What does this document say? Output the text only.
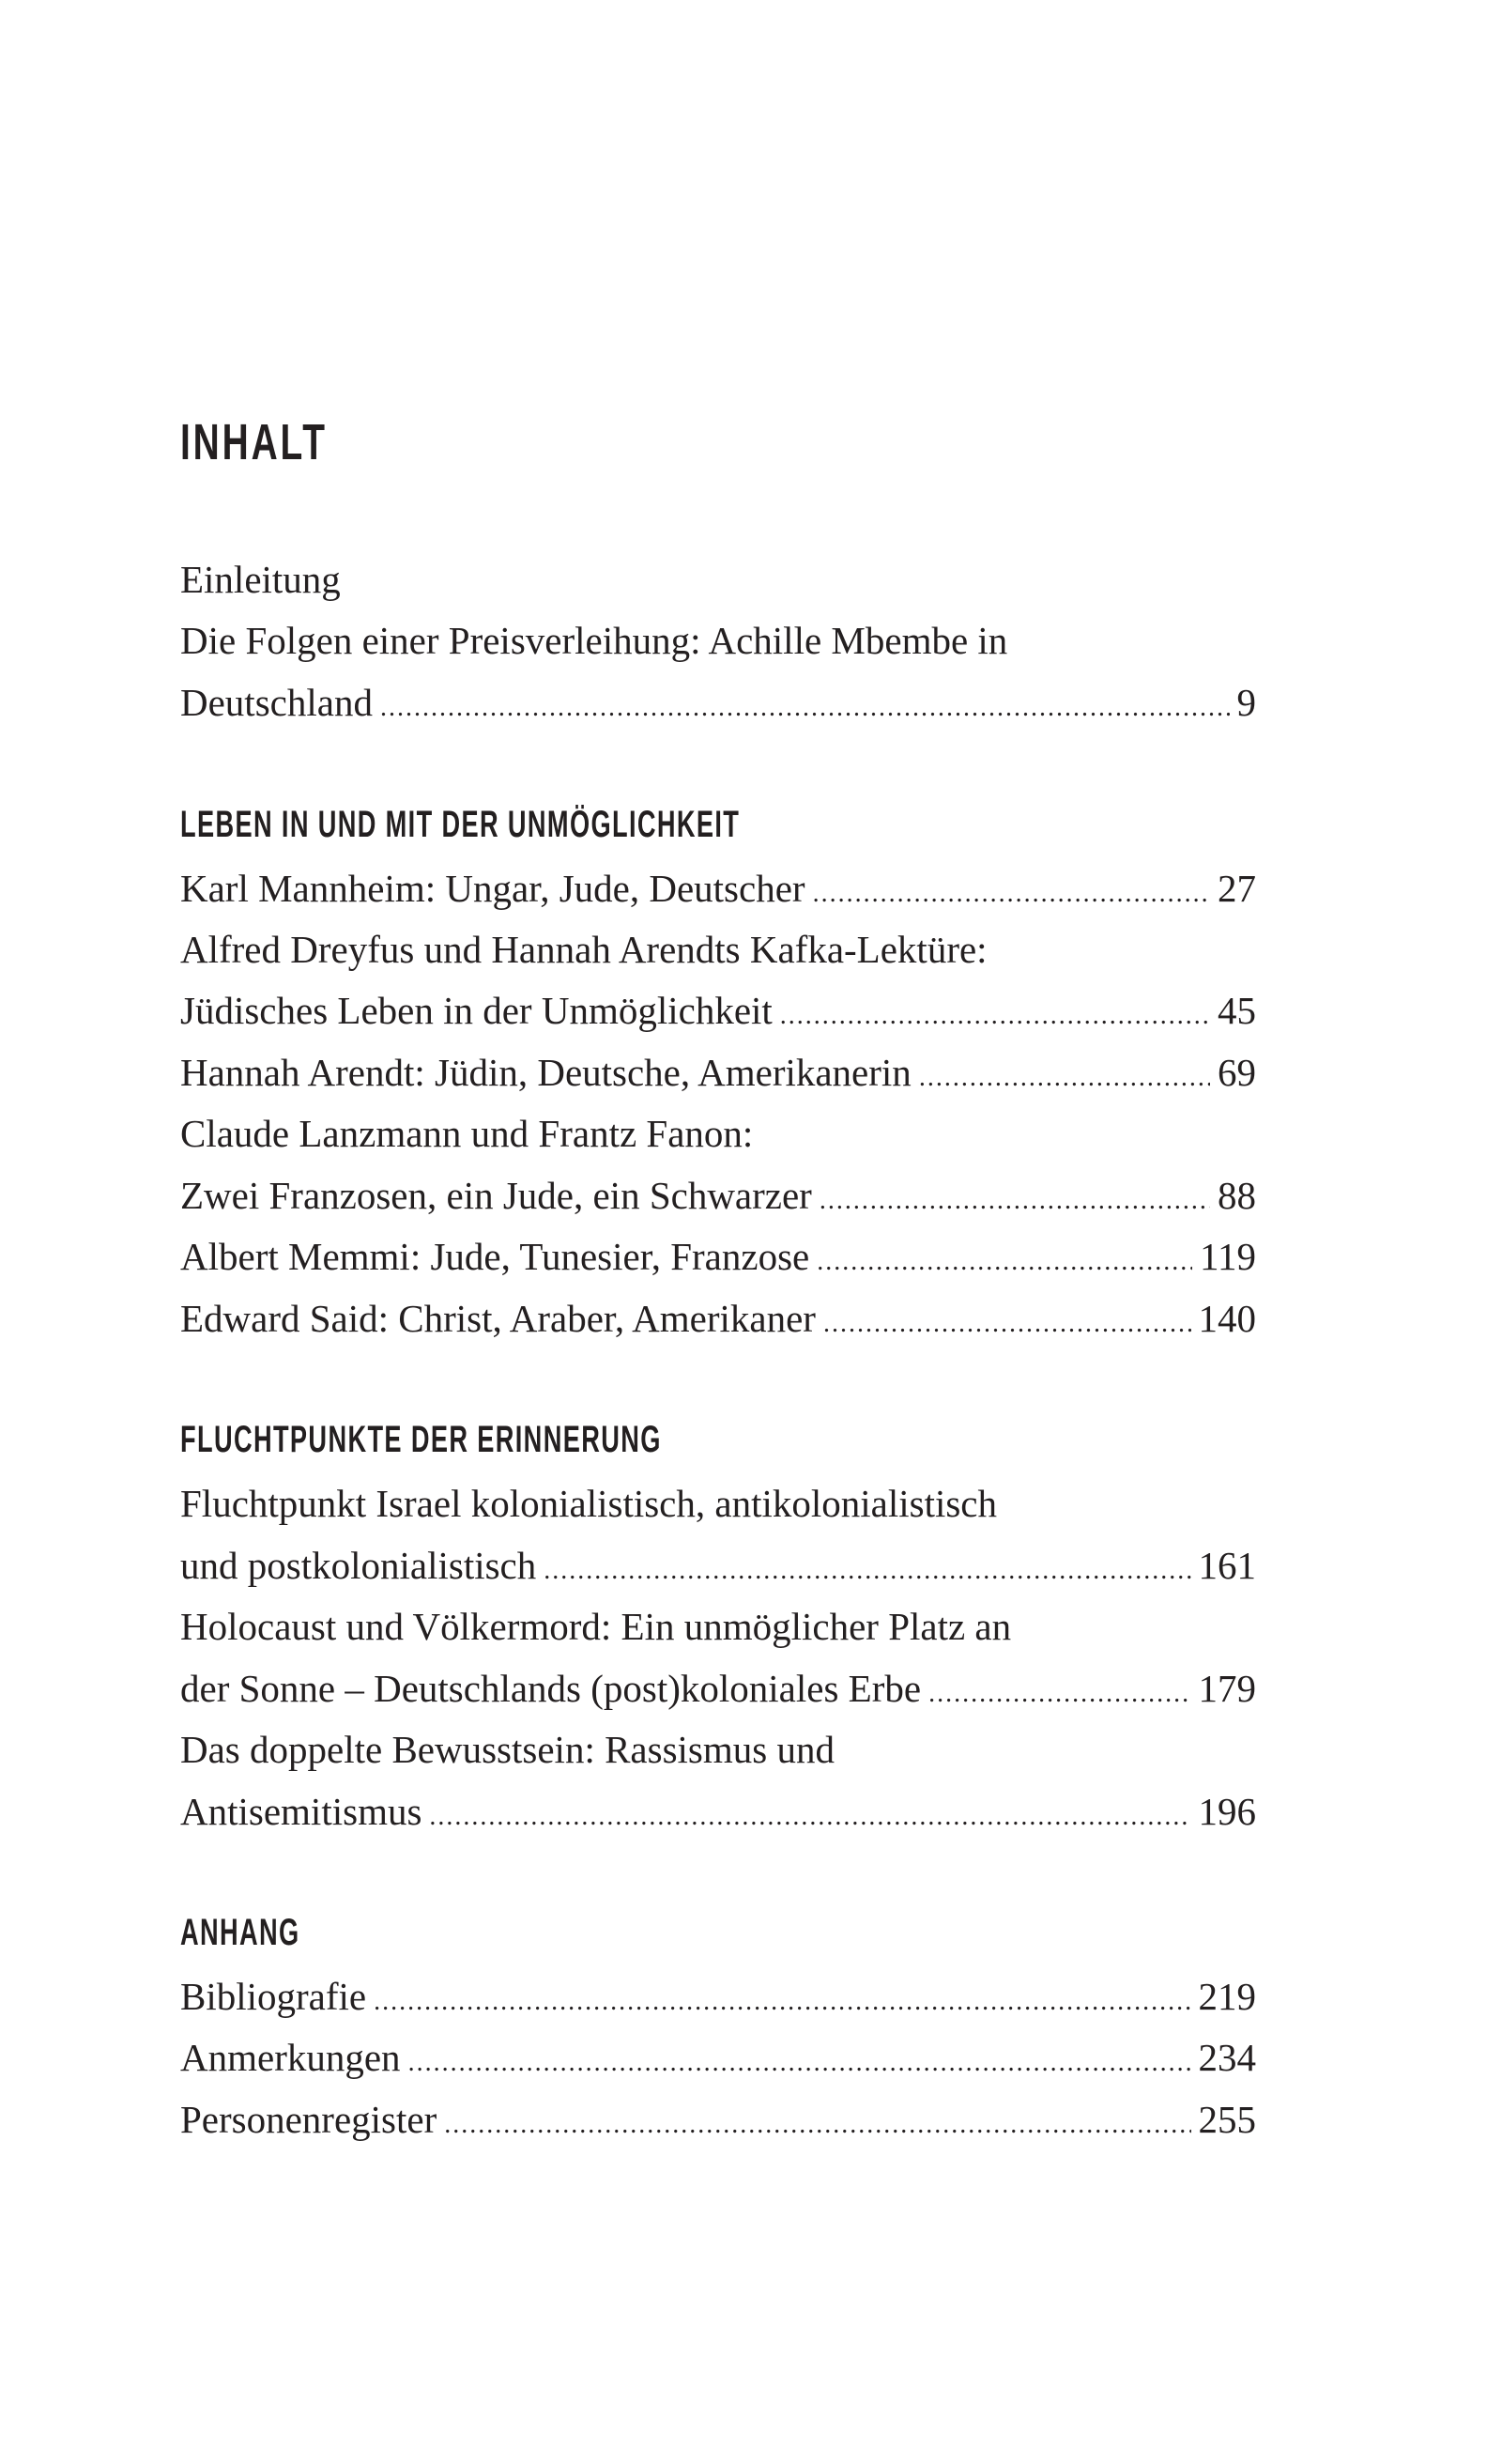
INHALT
Einleitung
Die Folgen einer Preisverleihung: Achille Mbembe in
Deutschland .....	9
LEBEN IN UND MIT DER UNMÖGLICHKEIT
Karl Mannheim: Ungar, Jude, Deutscher .....	27
Alfred Dreyfus und Hannah Arendts Kafka-Lektüre:
Jüdisches Leben in der Unmöglichkeit .....	45
Hannah Arendt: Jüdin, Deutsche, Amerikanerin .....	69
Claude Lanzmann und Frantz Fanon:
Zwei Franzosen, ein Jude, ein Schwarzer .....	88
Albert Memmi: Jude, Tunesier, Franzose .....	119
Edward Said: Christ, Araber, Amerikaner .....	140
FLUCHTPUNKTE DER ERINNERUNG
Fluchtpunkt Israel kolonialistisch, antikolonialistisch
und postkolonialistisch .....	161
Holocaust und Völkermord: Ein unmöglicher Platz an
der Sonne – Deutschlands (post)koloniales Erbe .....	179
Das doppelte Bewusstsein: Rassismus und
Antisemitismus .....	196
ANHANG
Bibliografie .....	219
Anmerkungen .....	234
Personenregister .....	255
